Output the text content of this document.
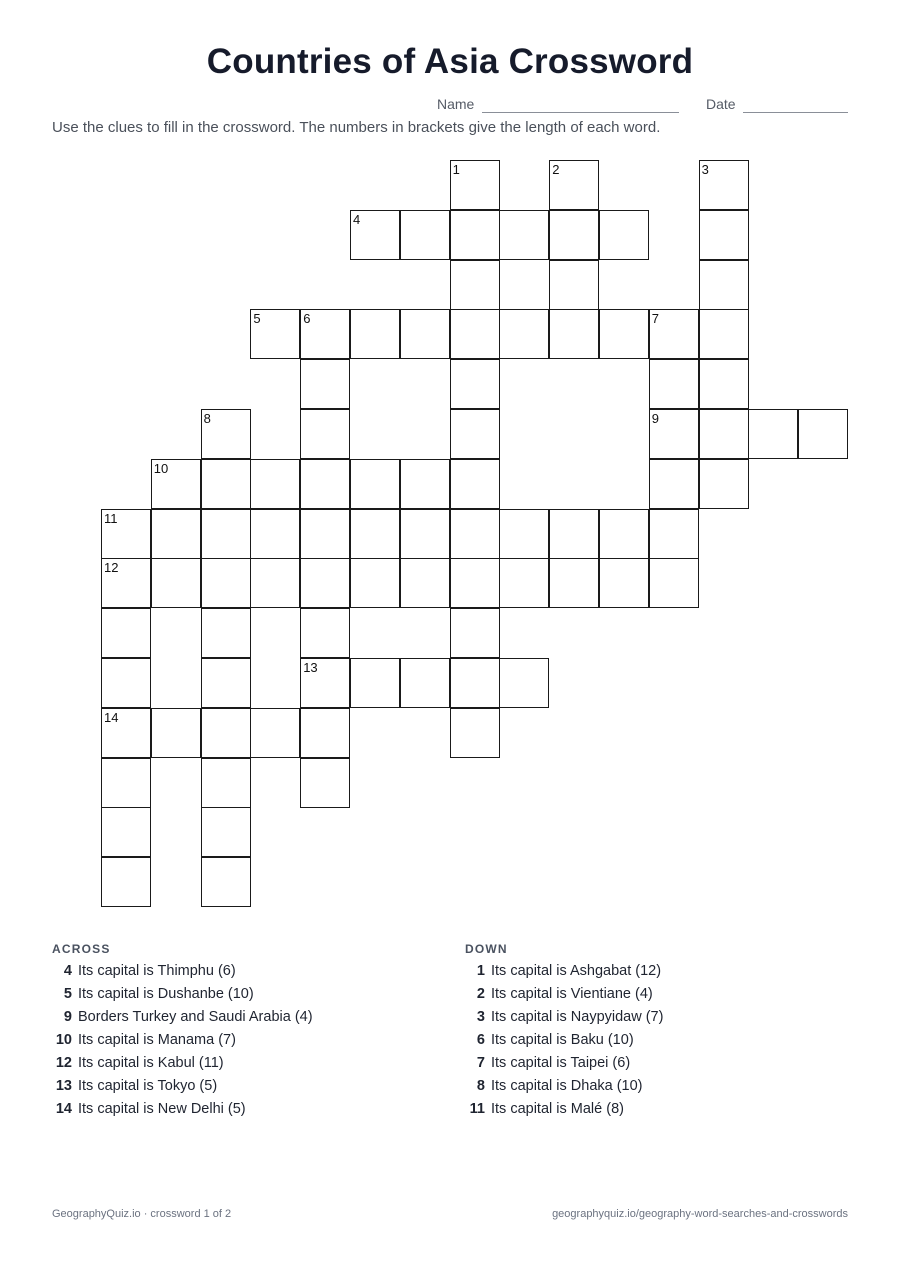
Countries of Asia Crossword
Name	Date
Use the clues to fill in the crossword. The numbers in brackets give the length of each word.
4
5	6	7
9
10
11
12
13
14
1	2	3
8
ACROSS
4 Its capital is Thimphu (6)
5 Its capital is Dushanbe (10)
9 Borders Turkey and Saudi Arabia (4)
10 Its capital is Manama (7)
12 Its capital is Kabul (11)
13 Its capital is Tokyo (5)
14 Its capital is New Delhi (5)
DOWN
1 Its capital is Ashgabat (12)
2 Its capital is Vientiane (4)
3 Its capital is Naypyidaw (7)
6 Its capital is Baku (10)
7 Its capital is Taipei (6)
8 Its capital is Dhaka (10)
11 Its capital is Malé (8)
GeographyQuiz.io · crossword 1 of 2	geographyquiz.io/geography-word-searches-and-crosswords
